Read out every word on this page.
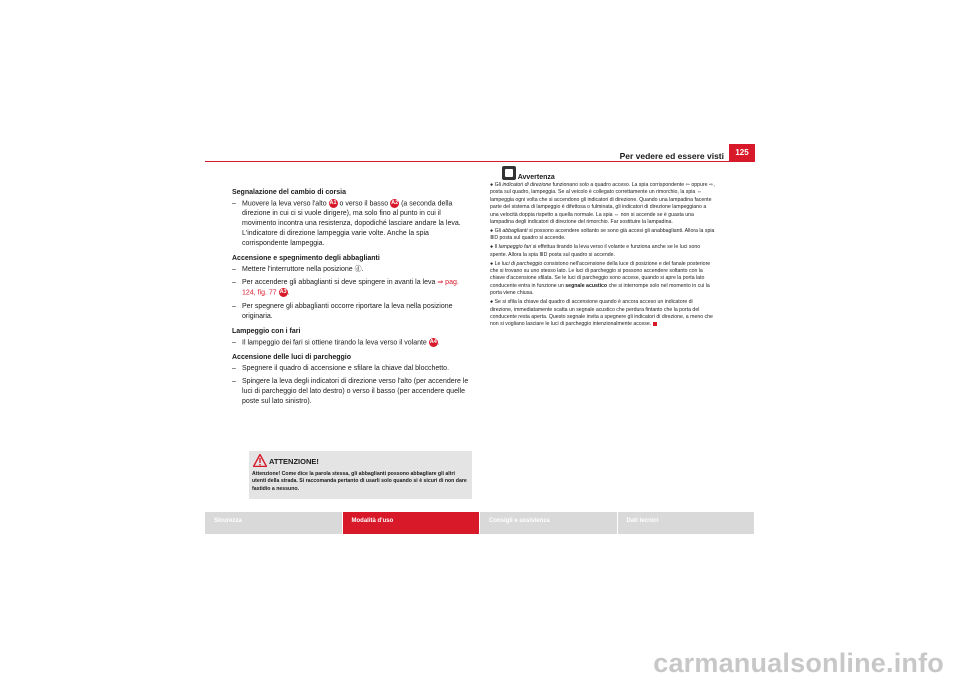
Per vedere ed essere visti	125
Segnalazione del cambio di corsia
– Muovere la leva verso l'alto A1 o verso il basso A2 (a seconda della direzione in cui ci si vuole dirigere), ma solo fino al punto in cui il movimento incontra una resistenza, dopodiché lasciare andare la leva. L'indicatore di direzione lampeggia varie volte. Anche la spia corrispondente lampeggia.
Accensione e spegnimento degli abbaglianti
– Mettere l'interruttore nella posizione ⓓ.
– Per accendere gli abbaglianti si deve spingere in avanti la leva ⇒ pag. 124, fig. 77 A3.
– Per spegnere gli abbaglianti occorre riportare la leva nella posizione originaria.
Lampeggio con i fari
– Il lampeggio dei fari si ottiene tirando la leva verso il volante A4.
Accensione delle luci di parcheggio
– Spegnere il quadro di accensione e sfilare la chiave dal blocchetto.
– Spingere la leva degli indicatori di direzione verso l'alto (per accendere le luci di parcheggio del lato destro) o verso il basso (per accendere quelle poste sul lato sinistro).
ATTENZIONE!
Attenzione! Come dice la parola stessa, gli abbaglianti possono abbagliare gli altri utenti della strada. Si raccomanda pertanto di usarli solo quando si è sicuri di non dare fastidio a nessuno.
Avvertenza
● Gli indicatori di direzione funzionano solo a quadro acceso. La spia corrispondente ⇦ oppure ⇨, posta sul quadro, lampeggia. Se al veicolo è collegato correttamente un rimorchio, la spia ⇔ lampeggia ogni volta che si accendono gli indicatori di direzione. Quando una lampadina facente parte del sistema di lampeggio è difettosa o fulminata, gli indicatori di direzione lampeggiano a una velocità doppia rispetto a quella normale. La spia ⇔ non si accende se è guasta una lampadina degli indicatori di direzione del rimorchio. Far sostituire la lampadina.
● Gli abbaglianti si possono accendere soltanto se sono già accesi gli anabbaglianti. Allora la spia ≣D posta sul quadro si accende.
● Il lampeggio fari si effettua tirando la leva verso il volante e funziona anche se le luci sono spente. Allora la spia ≣D posta sul quadro si accende.
● Le luci di parcheggio consistono nell'accensione della luce di posizione e del fanale posteriore che si trovano su uno stesso lato. Le luci di parcheggio si possono accendere soltanto con la chiave d'accensione sfilata. Se le luci di parcheggio sono accese, quando si apre la porta lato conducente entra in funzione un segnale acustico che si interrompe solo nel momento in cui la porta viene chiusa.
● Se si sfila la chiave dal quadro di accensione quando è ancora acceso un indicatore di direzione, immediatamente scatta un segnale acustico che perdura fintanto che la porta del conducente resta aperta. Questo segnale invita a spegnere gli indicatori di direzione, a meno che non si vogliano lasciare le luci di parcheggio intenzionalmente accese.
Sicurezza	Modalità d'uso	Consigli e assistenza	Dati tecnici
carmanualsonline.info
